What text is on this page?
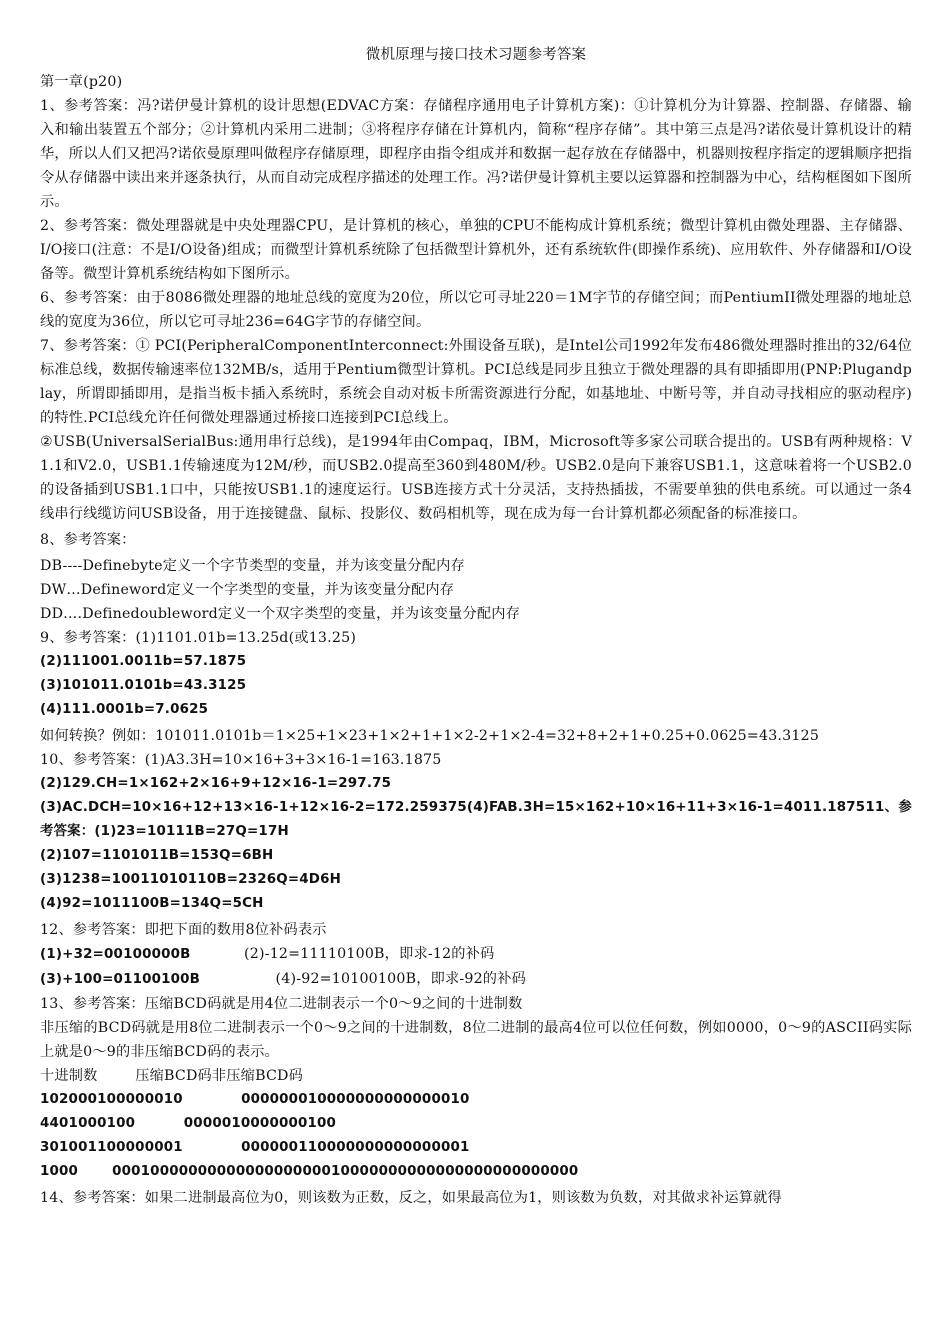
微机原理与接口技术习题参考答案

第一章(p20)

1、参考答案：冯?诺伊曼计算机的设计思想(EDVAC方案：存储程序通用电子计算机方案)：①计算机分为计算器、控制器、存储器、输入和输出装置五个部分；②计算机内采用二进制；③将程序存储在计算机内，简称“程序存储”。其中第三点是冯?诺依曼计算机设计的精华，所以人们又把冯?诺依曼原理叫做程序存储原理，即程序由指令组成并和数据一起存放在存储器中，机器则按程序指定的逻辑顺序把指令从存储器中读出来并逐条执行，从而自动完成程序描述的处理工作。冯?诺伊曼计算机主要以运算器和控制器为中心，结构框图如下图所示。

2、参考答案：微处理器就是中央处理器CPU，是计算机的核心，单独的CPU不能构成计算机系统；微型计算机由微处理器、主存储器、I/O接口(注意：不是I/O设备)组成；而微型计算机系统除了包括微型计算机外，还有系统软件(即操作系统)、应用软件、外存储器和I/O设备等。微型计算机系统结构如下图所示。

6、参考答案：由于8086微处理器的地址总线的宽度为20位，所以它可寻址220＝1M字节的存储空间；而PentiumII微处理器的地址总线的宽度为36位，所以它可寻址236=64G字节的存储空间。

7、参考答案：① PCI(PeripheralComponentInterconnect:外围设备互联)，是Intel公司1992年发布486微处理器时推出的32/64位标准总线，数据传输速率位132MB/s，适用于Pentium微型计算机。PCI总线是同步且独立于微处理器的具有即插即用(PNP:Plugandplay，所谓即插即用，是指当板卡插入系统时，系统会自动对板卡所需资源进行分配，如基地址、中断号等，并自动寻找相应的驱动程序)的特性.PCI总线允许任何微处理器通过桥接口连接到PCI总线上。

②USB(UniversalSerialBus:通用串行总线)，是1994年由Compaq，IBM，Microsoft等多家公司联合提出的。USB有两种规格：V1.1和V2.0，USB1.1传输速度为12M/秒，而USB2.0提高至360到480M/秒。USB2.0是向下兼容USB1.1，这意味着将一个USB2.0的设备插到USB1.1口中，只能按USB1.1的速度运行。USB连接方式十分灵活，支持热插拔，不需要单独的供电系统。可以通过一条4线串行线缆访问USB设备，用于连接键盘、鼠标、投影仪、数码相机等，现在成为每一台计算机都必须配备的标准接口。

8、参考答案：

DB----Definebyte定义一个字节类型的变量，并为该变量分配内存

DW…Defineword定义一个字类型的变量，并为该变量分配内存

DD….Definedoubleword定义一个双字类型的变量，并为该变量分配内存

9、参考答案：(1)1101.01b=13.25d(或13.25)

(2)111001.0011b=57.1875

(3)101011.0101b=43.3125

(4)111.0001b=7.0625

如何转换？例如：101011.0101b＝1×25+1×23+1×2+1+1×2-2+1×2-4=32+8+2+1+0.25+0.0625=43.3125

10、参考答案：(1)A3.3H=10×16+3+3×16-1=163.1875

(2)129.CH=1×162+2×16+9+12×16-1=297.75

(3)AC.DCH=10×16+12+13×16-1+12×16-2=172.259375(4)FAB.3H=15×162+10×16+11+3×16-1=4011.187511、参考答案：(1)23=10111B=27Q=17H

(2)107=1101011B=153Q=6BH

(3)1238=10011010110B=2326Q=4D6H

(4)92=1011100B=134Q=5CH

12、参考答案：即把下面的数用8位补码表示

(1)+32=00100000B	(2)-12=11110100B，即求-12的补码

(3)+100=01100100B	(4)-92=10100100B，即求-92的补码

13、参考答案：压缩BCD码就是用4位二进制表示一个0～9之间的十进制数

非压缩的BCD码就是用8位二进制表示一个0～9之间的十进制数，8位二进制的最高4位可以位任何数，例如0000，0～9的ASCII码实际上就是0～9的非压缩BCD码的表示。

十进制数        压缩BCD码非压缩BCD码

102000100000010            000000010000000000000010

4401000100          0000010000000100

301001100000001            000000110000000000000001

1000       0001000000000000000000010000000000000000000000000

14、参考答案：如果二进制最高位为0，则该数为正数，反之，如果最高位为1，则该数为负数，对其做求补运算就得
